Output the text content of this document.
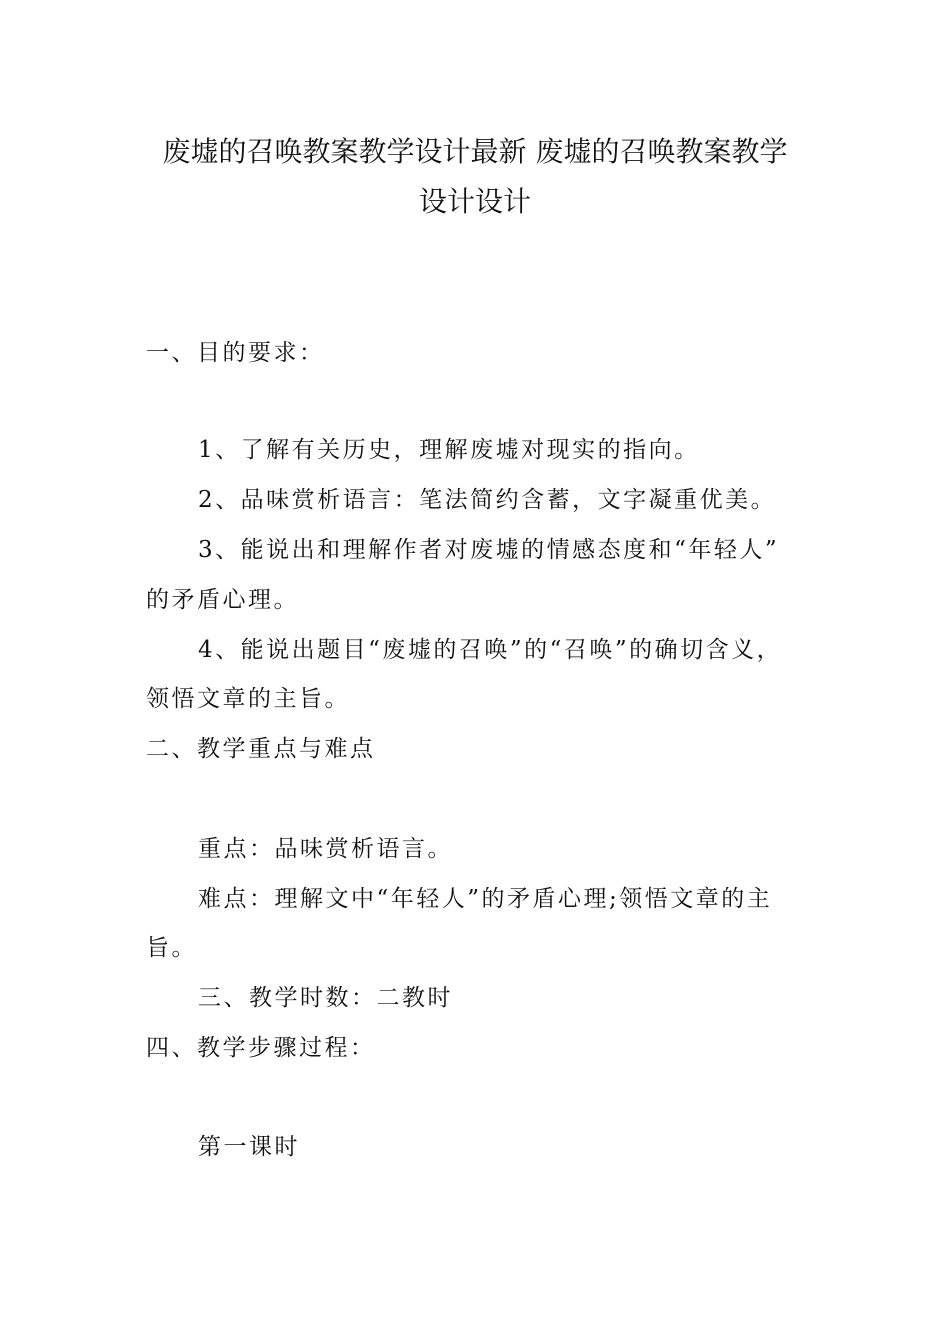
废墟的召唤教案教学设计最新 废墟的召唤教案教学
设计设计
一、目的要求：
1、了解有关历史，理解废墟对现实的指向。
2、品味赏析语言：笔法简约含蓄，文字凝重优美。
3、能说出和理解作者对废墟的情感态度和“年轻人”
的矛盾心理。
4、能说出题目“废墟的召唤”的“召唤”的确切含义，
领悟文章的主旨。
二、教学重点与难点
重点：品味赏析语言。
难点：理解文中“年轻人”的矛盾心理;领悟文章的主
旨。
三、教学时数：二教时
四、教学步骤过程：
第一课时
